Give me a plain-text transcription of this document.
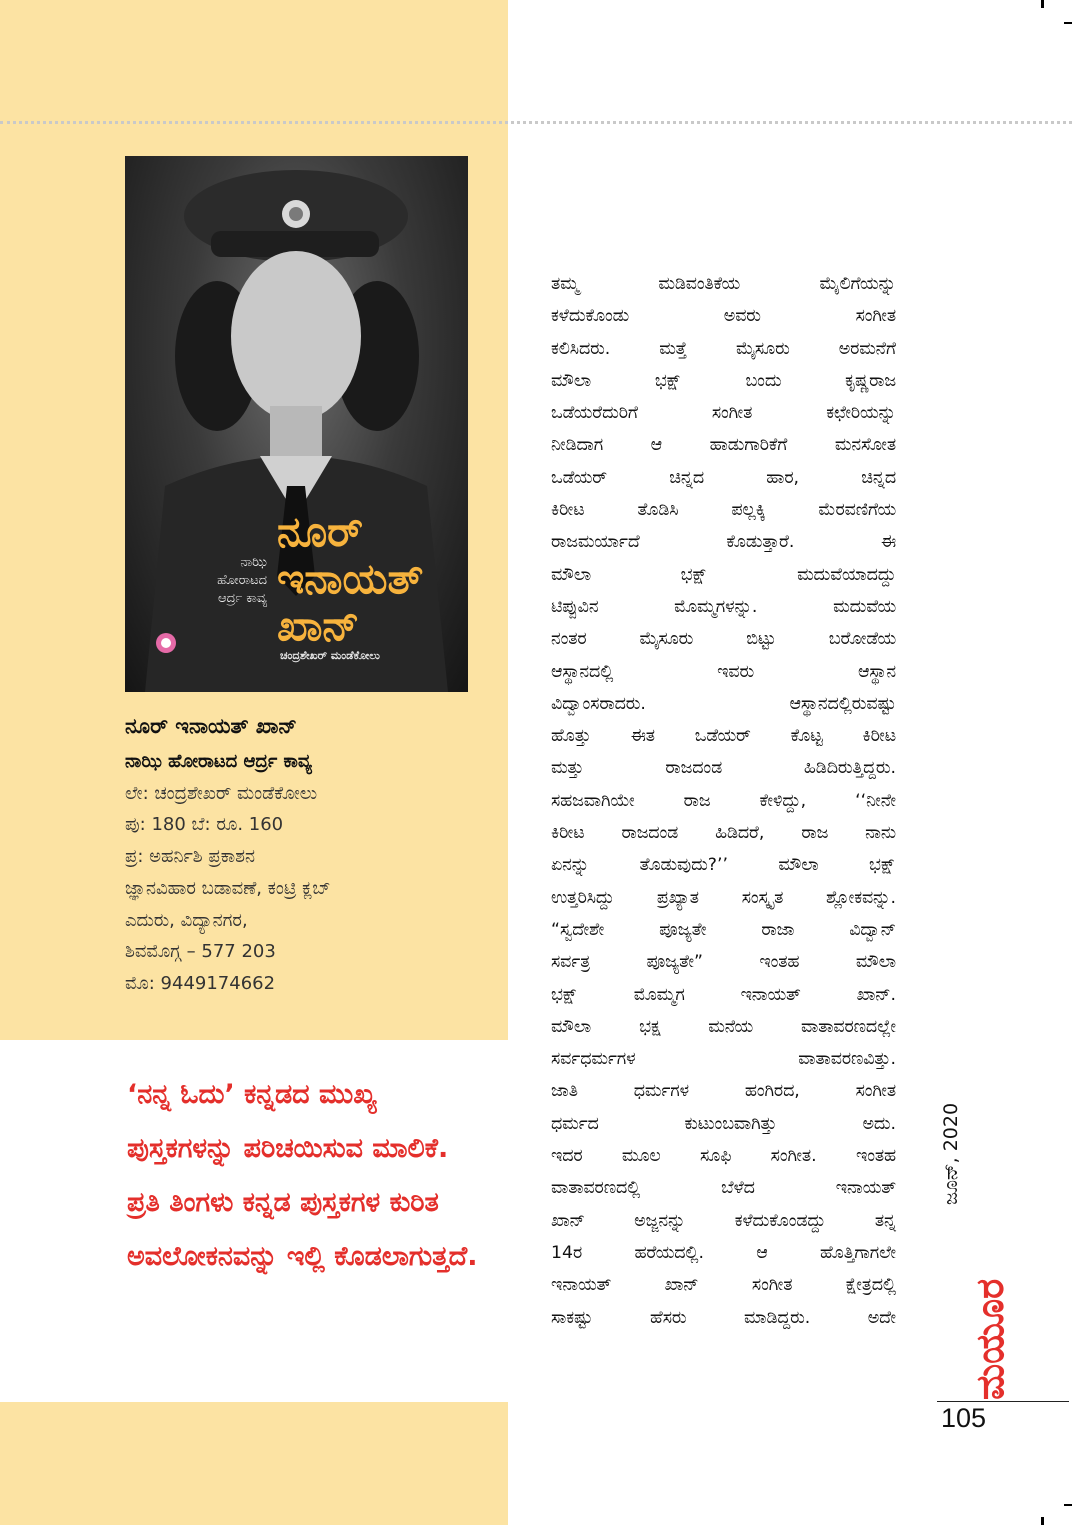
ನೂರ್
ಇನಾಯತ್
ಖಾನ್
ನಾಝಿ
ಹೋರಾಟದ
ಆರ್ದ್ರ ಕಾವ್ಯ
ಚಂದ್ರಶೇಖರ್ ಮಂಡೆಕೋಲು

ನೂರ್ ಇನಾಯತ್ ಖಾನ್

ನಾಝಿ ಹೋರಾಟದ ಆರ್ದ್ರ ಕಾವ್ಯ

ಲೇ: ಚಂದ್ರಶೇಖರ್ ಮಂಡೆಕೋಲು

ಪು: 180 ಬೆ: ರೂ. 160

ಪ್ರ: ಅಹರ್ನಿಶಿ ಪ್ರಕಾಶನ

ಜ್ಞಾನವಿಹಾರ ಬಡಾವಣೆ, ಕಂಟ್ರಿ ಕ್ಲಬ್

ಎದುರು, ವಿದ್ಯಾನಗರ,

ಶಿವಮೊಗ್ಗ – 577 203

ಮೊ: 9449174662

‘ನನ್ನ ಓದು’ ಕನ್ನಡದ ಮುಖ್ಯ ಪುಸ್ತಕಗಳನ್ನು ಪರಿಚಯಿಸುವ ಮಾಲಿಕೆ. ಪ್ರತಿ ತಿಂಗಳು ಕನ್ನಡ ಪುಸ್ತಕಗಳ ಕುರಿತ ಅವಲೋಕನವನ್ನು ಇಲ್ಲಿ ಕೊಡಲಾಗುತ್ತದೆ.

ತಮ್ಮ ಮಡಿವಂತಿಕೆಯ ಮೈಲಿಗೆಯನ್ನು

ಕಳೆದುಕೊಂಡು ಅವರು ಸಂಗೀತ

ಕಲಿಸಿದರು. ಮತ್ತೆ ಮೈಸೂರು ಅರಮನೆಗೆ

ಮೌಲಾ ಭಕ್ಷ್ ಬಂದು ಕೃಷ್ಣರಾಜ

ಒಡೆಯರೆದುರಿಗೆ ಸಂಗೀತ ಕಛೇರಿಯನ್ನು

ನೀಡಿದಾಗ ಆ ಹಾಡುಗಾರಿಕೆಗೆ ಮನಸೋತ

ಒಡೆಯರ್ ಚಿನ್ನದ ಹಾರ, ಚಿನ್ನದ

ಕಿರೀಟ ತೊಡಿಸಿ ಪಲ್ಲಕ್ಕಿ ಮೆರವಣಿಗೆಯ

ರಾಜಮರ್ಯಾದೆ ಕೊಡುತ್ತಾರೆ. ಈ

ಮೌಲಾ ಭಕ್ಷ್ ಮದುವೆಯಾದದ್ದು

ಟಿಪ್ಪುವಿನ ಮೊಮ್ಮಗಳನ್ನು. ಮದುವೆಯ

ನಂತರ ಮೈಸೂರು ಬಿಟ್ಟು ಬರೋಡೆಯ

ಆಸ್ಥಾನದಲ್ಲಿ ಇವರು ಆಸ್ಥಾನ

ವಿದ್ವಾಂಸರಾದರು. ಆಸ್ಥಾನದಲ್ಲಿರುವಷ್ಟು

ಹೊತ್ತು ಈತ ಒಡೆಯರ್ ಕೊಟ್ಟ ಕಿರೀಟ

ಮತ್ತು ರಾಜದಂಡ ಹಿಡಿದಿರುತ್ತಿದ್ದರು.

ಸಹಜವಾಗಿಯೇ ರಾಜ ಕೇಳಿದ್ದು, ‘‘ನೀನೇ

ಕಿರೀಟ ರಾಜದಂಡ ಹಿಡಿದರೆ, ರಾಜ ನಾನು

ಏನನ್ನು ತೊಡುವುದು?’’ ಮೌಲಾ ಭಕ್ಷ್

ಉತ್ತರಿಸಿದ್ದು ಪ್ರಖ್ಯಾತ ಸಂಸ್ಕೃತ ಶ್ಲೋಕವನ್ನು.

“ಸ್ವದೇಶೇ ಪೂಜ್ಯತೇ ರಾಜಾ ವಿದ್ವಾನ್

ಸರ್ವತ್ರ ಪೂಜ್ಯತೇ” ಇಂತಹ ಮೌಲಾ

ಭಕ್ಷ್ ಮೊಮ್ಮಗ ಇನಾಯತ್ ಖಾನ್.

ಮೌಲಾ ಭಕ್ಷ ಮನೆಯ ವಾತಾವರಣದಲ್ಲೇ

ಸರ್ವಧರ್ಮಗಳ ವಾತಾವರಣವಿತ್ತು.

ಜಾತಿ ಧರ್ಮಗಳ ಹಂಗಿರದ, ಸಂಗೀತ

ಧರ್ಮದ ಕುಟುಂಬವಾಗಿತ್ತು ಅದು.

ಇದರ ಮೂಲ ಸೂಫಿ ಸಂಗೀತ. ಇಂತಹ

ವಾತಾವರಣದಲ್ಲಿ ಬೆಳೆದ ಇನಾಯತ್

ಖಾನ್ ಅಜ್ಜನನ್ನು ಕಳೆದುಕೊಂಡದ್ದು ತನ್ನ

14ರ ಹರೆಯದಲ್ಲಿ. ಆ ಹೊತ್ತಿಗಾಗಲೇ

ಇನಾಯತ್ ಖಾನ್ ಸಂಗೀತ ಕ್ಷೇತ್ರದಲ್ಲಿ

ಸಾಕಷ್ಟು ಹೆಸರು ಮಾಡಿದ್ದರು. ಅದೇ

ಜೂನ್, 2020
ಮಯೂರ
105
